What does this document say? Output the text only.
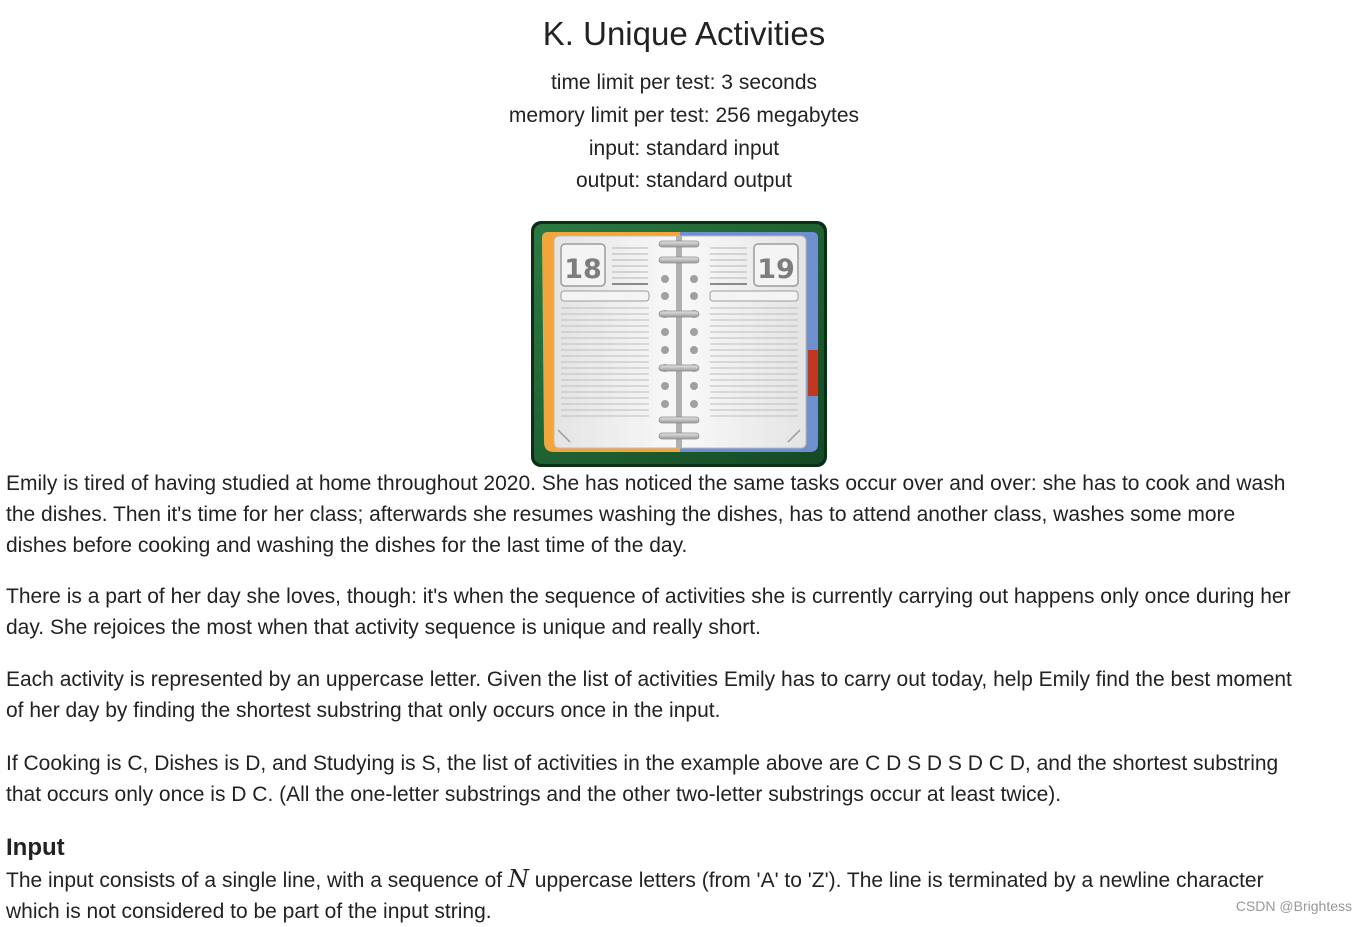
K. Unique Activities
time limit per test: 3 seconds
memory limit per test: 256 megabytes
input: standard input
output: standard output
18	19

Emily is tired of having studied at home throughout 2020. She has noticed the same tasks occur over and over: she has to cook and wash
the dishes. Then it's time for her class; afterwards she resumes washing the dishes, has to attend another class, washes some more
dishes before cooking and washing the dishes for the last time of the day.

There is a part of her day she loves, though: it's when the sequence of activities she is currently carrying out happens only once during her
day. She rejoices the most when that activity sequence is unique and really short.

Each activity is represented by an uppercase letter. Given the list of activities Emily has to carry out today, help Emily find the best moment
of her day by finding the shortest substring that only occurs once in the input.

If Cooking is C, Dishes is D, and Studying is S, the list of activities in the example above are C D S D S D C D, and the shortest substring
that occurs only once is D C. (All the one-letter substrings and the other two-letter substrings occur at least twice).

Input

The input consists of a single line, with a sequence of N uppercase letters (from 'A' to 'Z'). The line is terminated by a newline character
which is not considered to be part of the input string.	CSDN @Brightess
